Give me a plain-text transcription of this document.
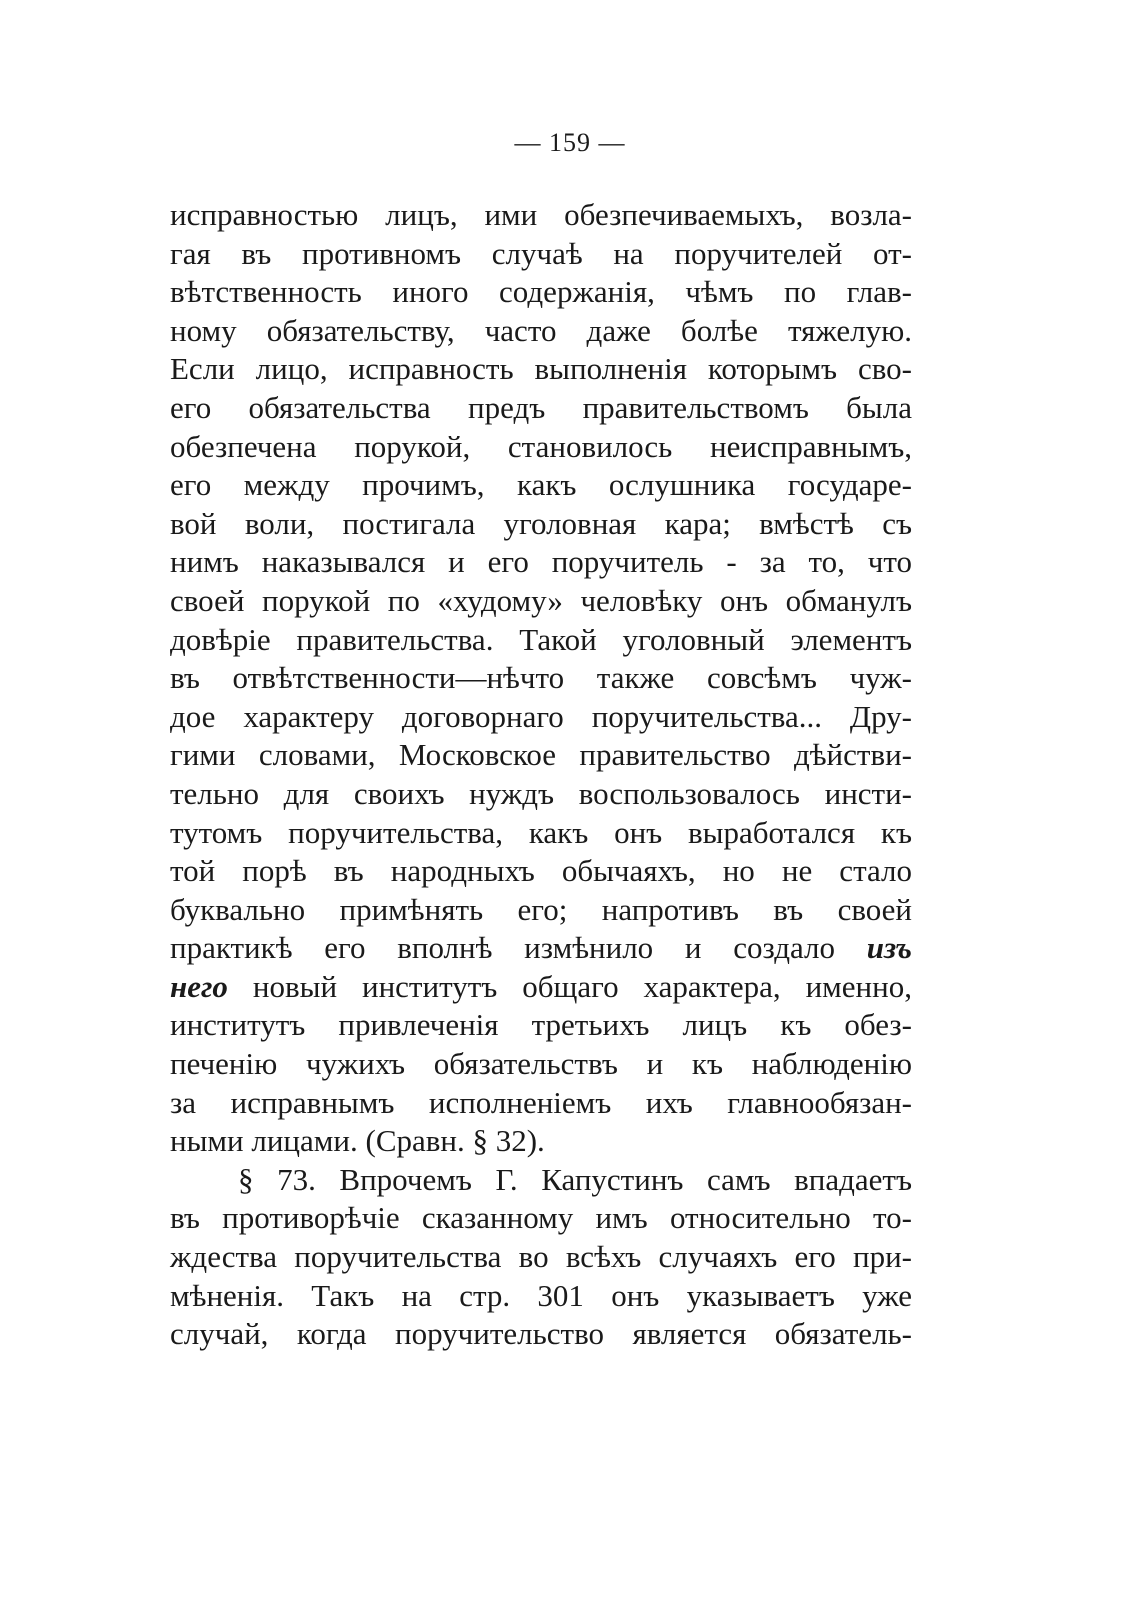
— 159 —
исправностью лицъ, ими обезпечиваемыхъ, возла-
гая въ противномъ случаѣ на поручителей от-
вѣтственность иного содержанія, чѣмъ по глав-
ному обязательству, часто даже болѣе тяжелую.
Если лицо, исправность выполненія которымъ сво-
его обязательства предъ правительствомъ была
обезпечена порукой, становилось неисправнымъ,
его между прочимъ, какъ ослушника государе-
вой воли, постигала уголовная кара; вмѣстѣ съ
нимъ наказывался и его поручитель - за то, что
своей порукой по «худому» человѣку онъ обманулъ
довѣріе правительства. Такой уголовный элементъ
въ отвѣтственности—нѣчто также совсѣмъ чуж-
дое характеру договорнаго поручительства... Дру-
гими словами, Московское правительство дѣйстви-
тельно для своихъ нуждъ воспользовалось инсти-
тутомъ поручительства, какъ онъ выработался къ
той порѣ въ народныхъ обычаяхъ, но не стало
буквально примѣнять его; напротивъ въ своей
практикѣ его вполнѣ измѣнило и создало изъ
него новый институтъ общаго характера, именно,
институтъ привлеченія третьихъ лицъ къ обез-
печенію чужихъ обязательствъ и къ наблюденію
за исправнымъ исполненіемъ ихъ главнообязан-
ными лицами. (Сравн. § 32).
§ 73. Впрочемъ Г. Капустинъ самъ впадаетъ
въ противорѣчіе сказанному имъ относительно то-
ждества поручительства во всѣхъ случаяхъ его при-
мѣненія. Такъ на стр. 301 онъ указываетъ уже
случай, когда поручительство является обязатель-
